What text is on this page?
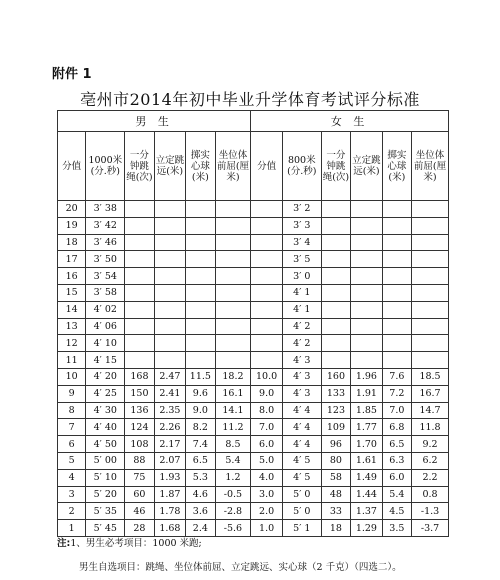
附件 1
亳州市2014年初中毕业升学体育考试评分标准
男 生						女 生					
分值	1000米(分.秒)	一分钟跳绳(次)	立定跳远(米)	掷实心球(米)	坐位体前屈(厘米)	分值	800米(分.秒)	一分钟跳绳(次)	立定跳远(米)	掷实心球(米)	坐位体前屈(厘米)
20	3′ 38						3′ 2				
19	3′ 42						3′ 3				
18	3′ 46						3′ 4				
17	3′ 50						3′ 5				
16	3′ 54						3′ 0				
15	3′ 58						4′ 1				
14	4′ 02						4′ 1				
13	4′ 06						4′ 2				
12	4′ 10						4′ 2				
11	4′ 15						4′ 3				
10	4′ 20	168	2.47	11.5	18.2	10.0	4′ 3	160	1.96	7.6	18.5
9	4′ 25	150	2.41	9.6	16.1	9.0	4′ 3	133	1.91	7.2	16.7
8	4′ 30	136	2.35	9.0	14.1	8.0	4′ 4	123	1.85	7.0	14.7
7	4′ 40	124	2.26	8.2	11.2	7.0	4′ 4	109	1.77	6.8	11.8
6	4′ 50	108	2.17	7.4	8.5	6.0	4′ 4	96	1.70	6.5	9.2
5	5′ 00	88	2.07	6.5	5.4	5.0	4′ 5	80	1.61	6.3	6.2
4	5′ 10	75	1.93	5.3	1.2	4.0	4′ 5	58	1.49	6.0	2.2
3	5′ 20	60	1.87	4.6	-0.5	3.0	5′ 0	48	1.44	5.4	0.8
2	5′ 35	46	1.78	3.6	-2.8	2.0	5′ 0	33	1.37	4.5	-1.3
1	5′ 45	28	1.68	2.4	-5.6	1.0	5′ 1	18	1.29	3.5	-3.7
注:1、男生必考项目：1000 米跑;
男生自选项目：跳绳、坐位体前屈、立定跳远、实心球（2 千克）（四选二）。
